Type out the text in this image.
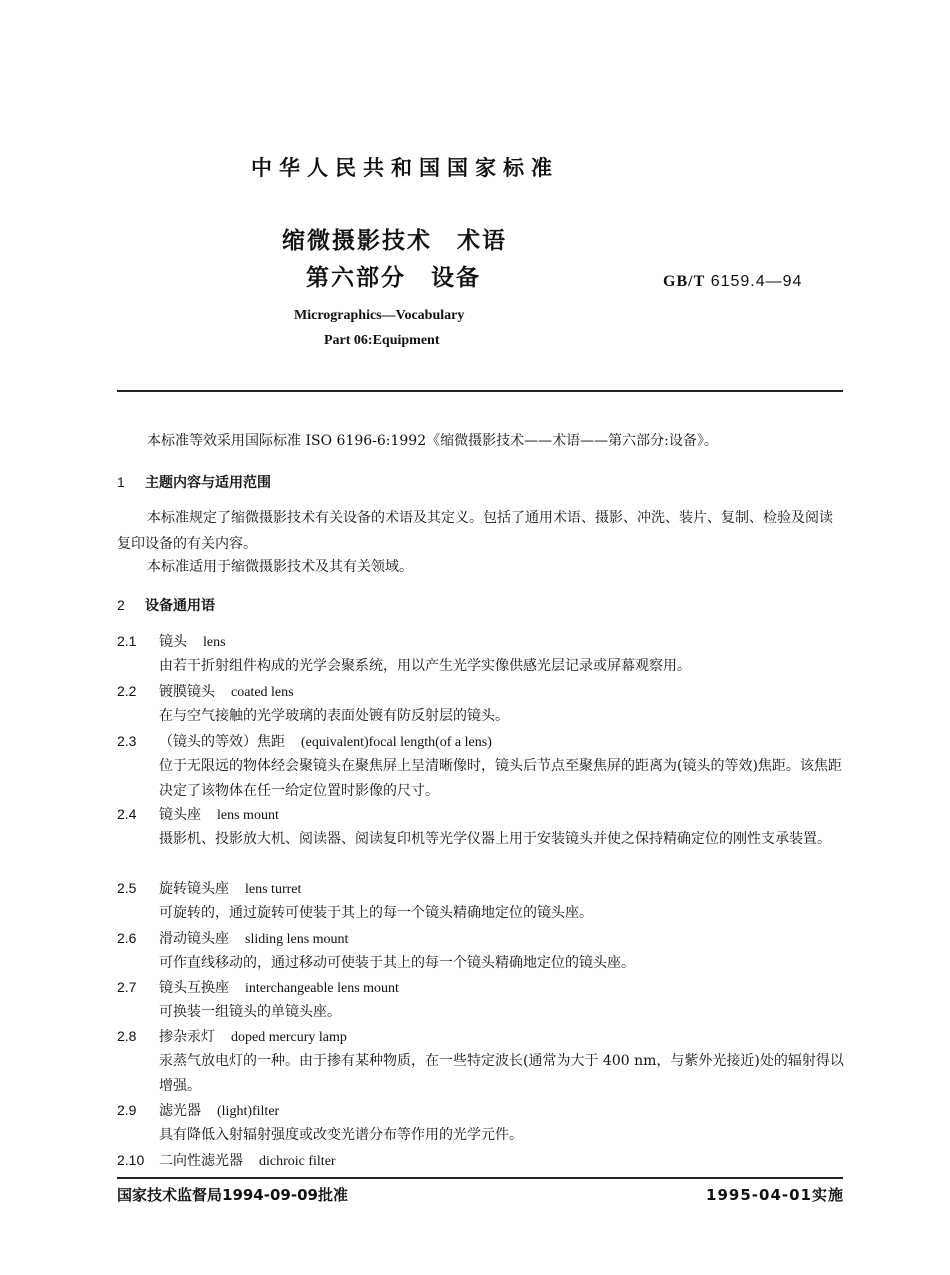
中华人民共和国国家标准
缩微摄影技术　术语
第六部分　设备	GB/T 6159.4—94
Micrographics—Vocabulary
Part 06:Equipment
本标准等效采用国际标准 ISO 6196-6:1992《缩微摄影技术——术语——第六部分:设备》。
1 主题内容与适用范围
本标准规定了缩微摄影技术有关设备的术语及其定义。包括了通用术语、摄影、冲洗、装片、复制、检验及阅读复印设备的有关内容。
本标准适用于缩微摄影技术及其有关领域。
2 设备通用语
2.1 镜头 lens
由若干折射组件构成的光学会聚系统，用以产生光学实像供感光层记录或屏幕观察用。
2.2 镀膜镜头 coated lens
在与空气接触的光学玻璃的表面处镀有防反射层的镜头。
2.3 （镜头的等效）焦距 (equivalent)focal length(of a lens)
位于无限远的物体经会聚镜头在聚焦屏上呈清晰像时，镜头后节点至聚焦屏的距离为(镜头的等效)焦距。该焦距决定了该物体在任一给定位置时影像的尺寸。
2.4 镜头座 lens mount
摄影机、投影放大机、阅读器、阅读复印机等光学仪器上用于安装镜头并使之保持精确定位的刚性支承装置。
2.5 旋转镜头座 lens turret
可旋转的，通过旋转可使装于其上的每一个镜头精确地定位的镜头座。
2.6 滑动镜头座 sliding lens mount
可作直线移动的，通过移动可使装于其上的每一个镜头精确地定位的镜头座。
2.7 镜头互换座 interchangeable lens mount
可换装一组镜头的单镜头座。
2.8 掺杂汞灯 doped mercury lamp
汞蒸气放电灯的一种。由于掺有某种物质，在一些特定波长(通常为大于 400 nm，与紫外光接近)处的辐射得以增强。
2.9 滤光器 (light)filter
具有降低入射辐射强度或改变光谱分布等作用的光学元件。
2.10 二向性滤光器 dichroic filter
国家技术监督局1994-09-09批准	1995-04-01实施
